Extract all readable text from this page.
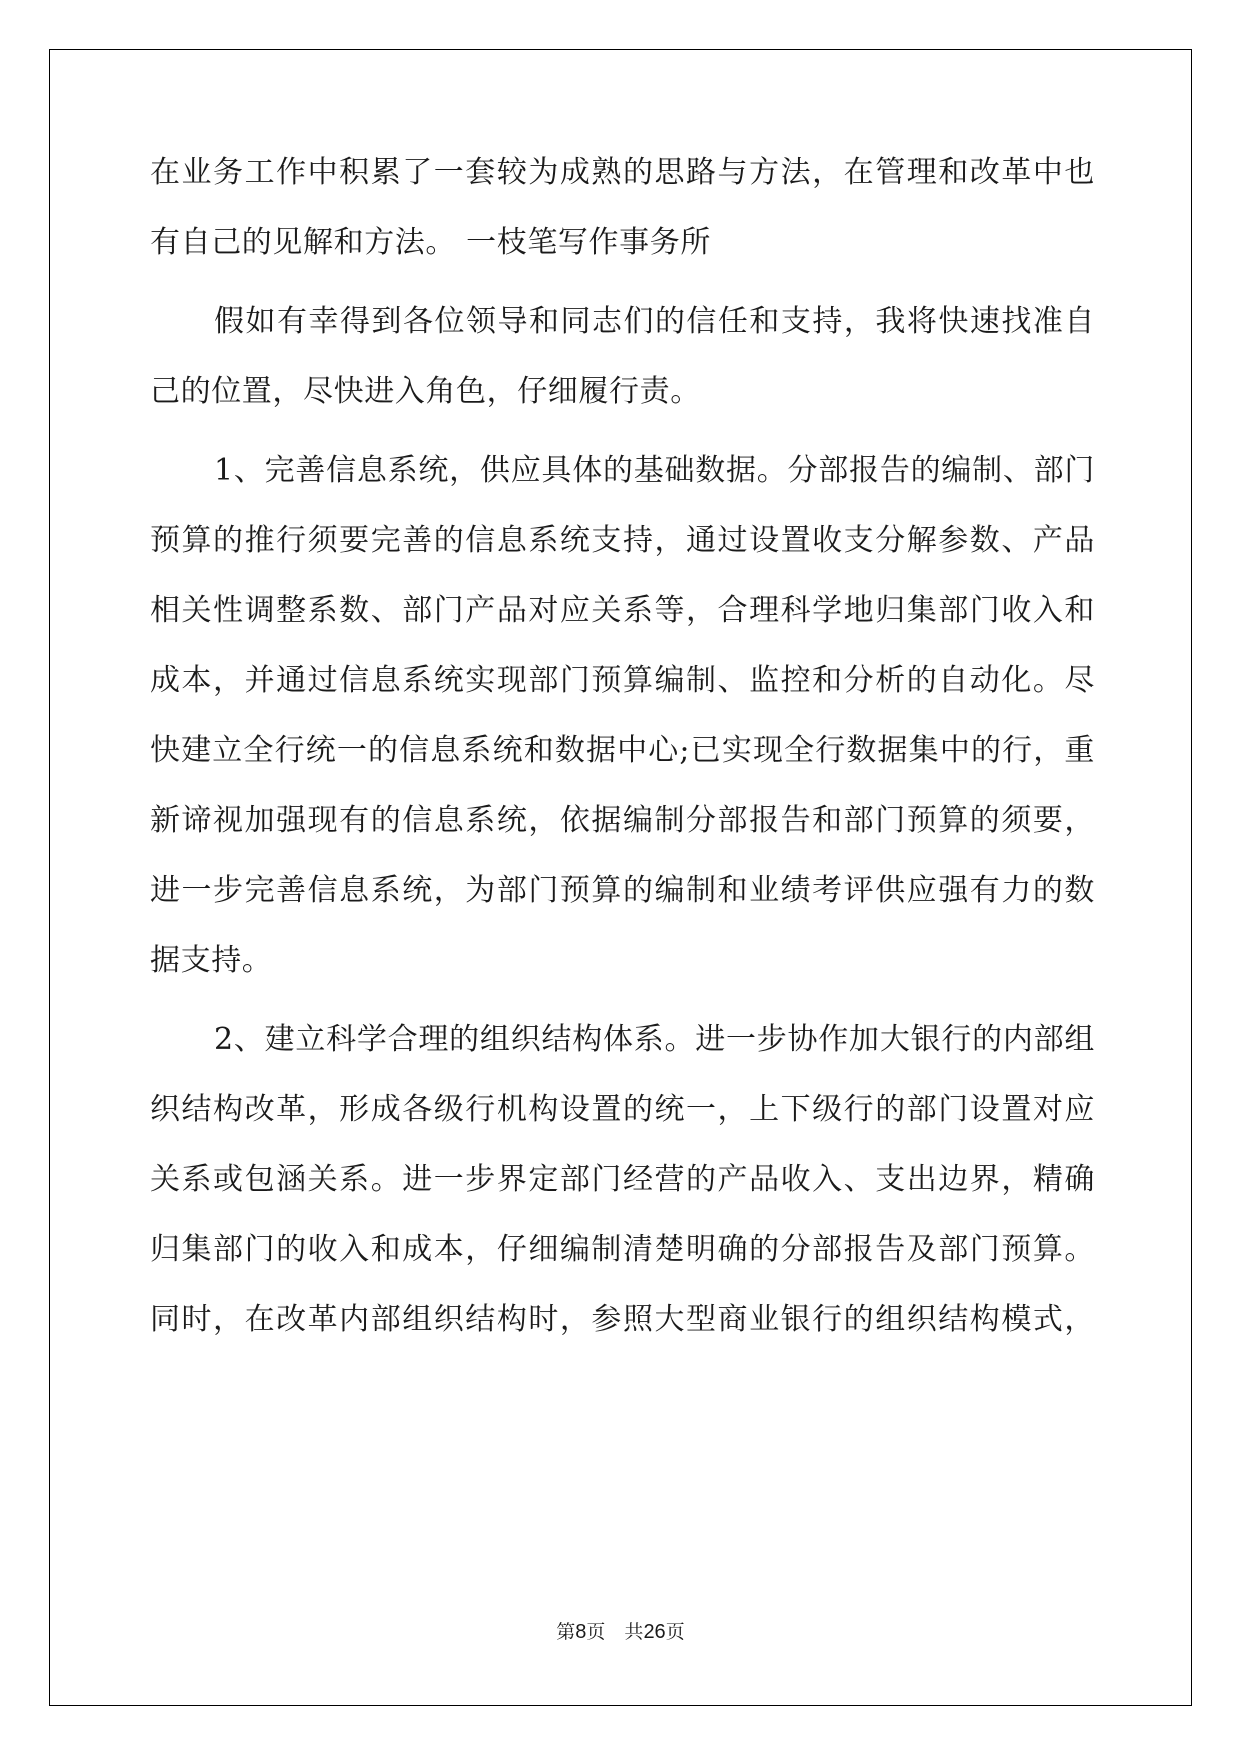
在业务工作中积累了一套较为成熟的思路与方法，在管理和改革中也
有自己的见解和方法。 一枝笔写作事务所
假如有幸得到各位领导和同志们的信任和支持，我将快速找准自
己的位置，尽快进入角色，仔细履行责。
1、完善信息系统，供应具体的基础数据。分部报告的编制、部门
预算的推行须要完善的信息系统支持，通过设置收支分解参数、产品
相关性调整系数、部门产品对应关系等，合理科学地归集部门收入和
成本，并通过信息系统实现部门预算编制、监控和分析的自动化。尽
快建立全行统一的信息系统和数据中心;已实现全行数据集中的行，重
新谛视加强现有的信息系统，依据编制分部报告和部门预算的须要，
进一步完善信息系统，为部门预算的编制和业绩考评供应强有力的数
据支持。
2、建立科学合理的组织结构体系。进一步协作加大银行的内部组
织结构改革，形成各级行机构设置的统一，上下级行的部门设置对应
关系或包涵关系。进一步界定部门经营的产品收入、支出边界，精确
归集部门的收入和成本，仔细编制清楚明确的分部报告及部门预算。
同时，在改革内部组织结构时，参照大型商业银行的组织结构模式，
第8页　共26页
